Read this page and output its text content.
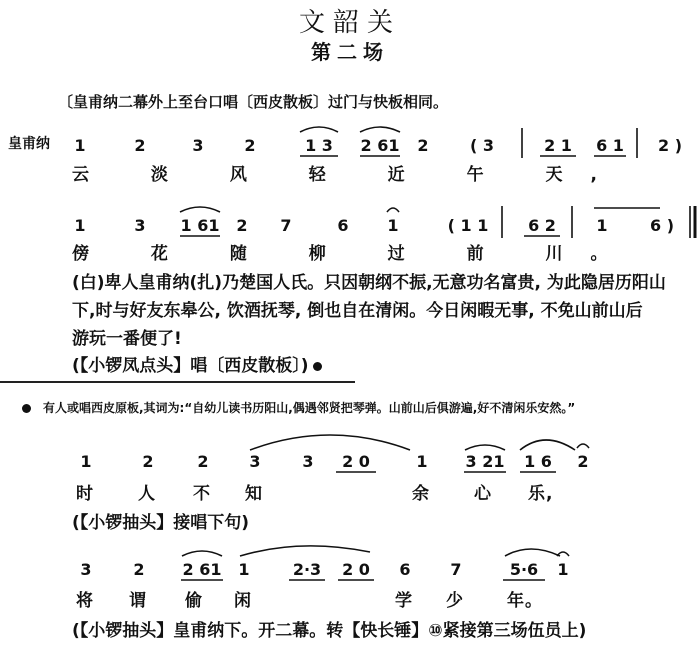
文韶关
第二场
〔皇甫纳二幕外上至台口唱〔西皮散板〕过门与快板相同。
皇甫纳	1	2	3	2	1 3	2 61	2	( 3	2 1	6 1	2 )
云 淡 风 轻 近 午 天,
1	3	1 61	2	7	6	1	( 1 1	6 2	1	6 )
傍 花 随 柳 过 前 川。
(白)卑人皇甫纳(扎)乃楚国人氏。只因朝纲不振,无意功名富贵, 为此隐居历阳山
下,时与好友东皋公, 饮酒抚琴, 倒也自在清闲。今日闲暇无事, 不免山前山后
游玩一番便了!
(【小锣凤点头】唱〔西皮散板〕)
有人或唱西皮原板,其词为:“自幼儿读书历阳山,偶遇邻贤把琴弹。山前山后俱游遍,好不清闲乐安然。”
1	2	2	3	3	2 0	1	3 21	1 6	2
时	人 不 知	余	心 乐,
(【小锣抽头】接唱下句)
3	2	2 61	1	2·3	2 0	6	7	5·6	1
将 谓 偷 闲	学 少	年。
(【小锣抽头】皇甫纳下。开二幕。转【快长锤】⑩紧接第三场伍员上)
